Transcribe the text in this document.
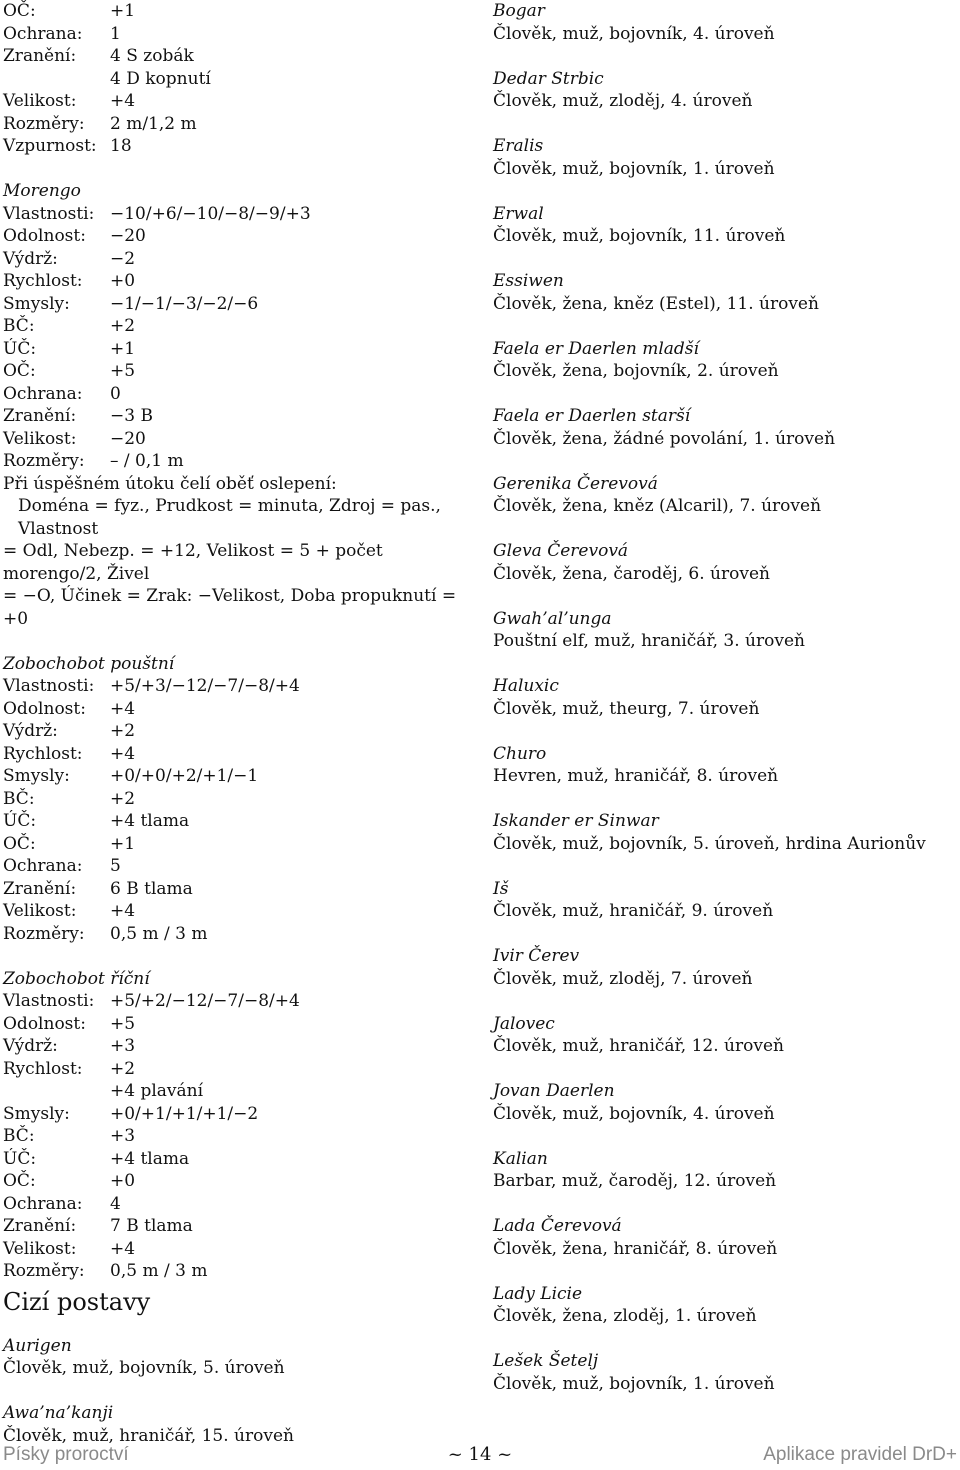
OČ:	+1
Ochrana: 1
Zranění: 4 S zobák
4 D kopnutí
Velikost: +4
Rozměry: 2 m/1,2 m
Vzpurnost: 18
Morengo
Vlastnosti: −10/+6/−10/−8/−9/+3
Odolnost: −20
Výdrž:	−2
Rychlost: +0
Smysly: −1/−1/−3/−2/−6
BČ:	+2
ÚČ:	+1
OČ:	+5
Ochrana: 0
Zranění: −3 B
Velikost: −20
Rozměry: – / 0,1 m
Při úspěšném útoku čelí oběť oslepení:
Doména = fyz., Prudkost = minuta, Zdroj = pas., Vlastnost
= Odl, Nebezp. = +12, Velikost = 5 + počet morengo/2, Živel
= −O, Účinek = Zrak: −Velikost, Doba propuknutí = +0
Zobochobot pouštní
Vlastnosti: +5/+3/−12/−7/−8/+4
Odolnost: +4
Výdrž:	+2
Rychlost: +4
Smysly: +0/+0/+2/+1/−1
BČ:	+2
ÚČ:	+4 tlama
OČ:	+1
Ochrana: 5
Zranění: 6 B tlama
Velikost: +4
Rozměry: 0,5 m / 3 m
Zobochobot říční
Vlastnosti: +5/+2/−12/−7/−8/+4
Odolnost: +5
Výdrž:	+3
Rychlost: +2
+4 plavání
Smysly: +0/+1/+1/+1/−2
BČ:	+3
ÚČ:	+4 tlama
OČ:	+0
Ochrana: 4
Zranění: 7 B tlama
Velikost: +4
Rozměry: 0,5 m / 3 m
Cizí postavy
Aurigen
Člověk, muž, bojovník, 5. úroveň
Awa’na’kanji
Člověk, muž, hraničář, 15. úroveň
Bogar
Člověk, muž, bojovník, 4. úroveň
Dedar Strbic
Člověk, muž, zloděj, 4. úroveň
Eralis
Člověk, muž, bojovník, 1. úroveň
Erwal
Člověk, muž, bojovník, 11. úroveň
Essiwen
Člověk, žena, kněz (Estel), 11. úroveň
Faela er Daerlen mladší
Člověk, žena, bojovník, 2. úroveň
Faela er Daerlen starší
Člověk, žena, žádné povolání, 1. úroveň
Gerenika Čerevová
Člověk, žena, kněz (Alcaril), 7. úroveň
Gleva Čerevová
Člověk, žena, čaroděj, 6. úroveň
Gwah’al’unga
Pouštní elf, muž, hraničář, 3. úroveň
Haluxic
Člověk, muž, theurg, 7. úroveň
Churo
Hevren, muž, hraničář, 8. úroveň
Iskander er Sinwar
Člověk, muž, bojovník, 5. úroveň, hrdina Aurionův
Iš
Člověk, muž, hraničář, 9. úroveň
Ivir Čerev
Člověk, muž, zloděj, 7. úroveň
Jalovec
Člověk, muž, hraničář, 12. úroveň
Jovan Daerlen
Člověk, muž, bojovník, 4. úroveň
Kalian
Barbar, muž, čaroděj, 12. úroveň
Lada Čerevová
Člověk, žena, hraničář, 8. úroveň
Lady Licie
Člověk, žena, zloděj, 1. úroveň
Lešek Šetelj
Člověk, muž, bojovník, 1. úroveň
Písky proroctví	~ 14 ~	Aplikace pravidel DrD+
